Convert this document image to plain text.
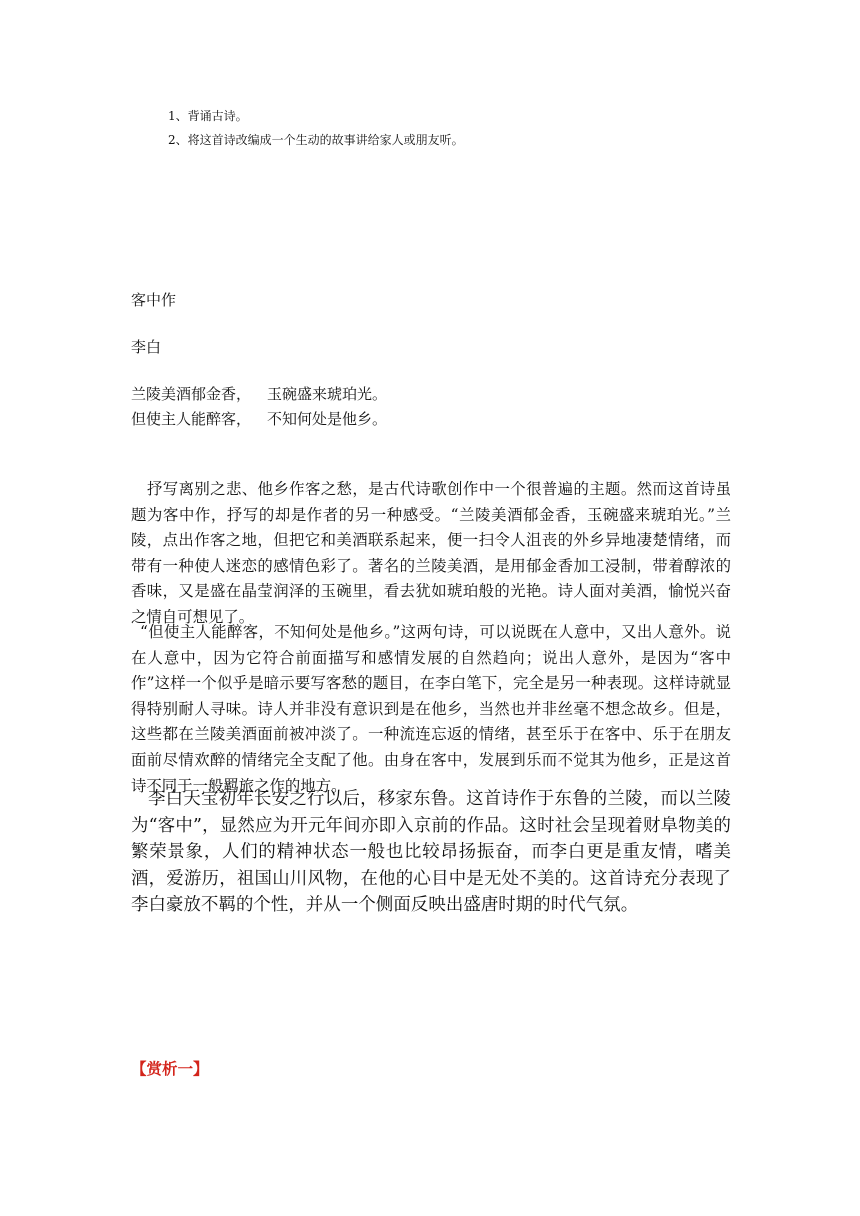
1、背诵古诗。
2、将这首诗改编成一个生动的故事讲给家人或朋友听。
客中作
李白
兰陵美酒郁金香， 玉碗盛来琥珀光。
但使主人能醉客， 不知何处是他乡。
抒写离别之悲、他乡作客之愁，是古代诗歌创作中一个很普遍的主题。然而这首诗虽题为客中作，抒写的却是作者的另一种感受。“兰陵美酒郁金香，玉碗盛来琥珀光。”兰陵，点出作客之地，但把它和美酒联系起来，便一扫令人沮丧的外乡异地凄楚情绪，而带有一种使人迷恋的感情色彩了。著名的兰陵美酒，是用郁金香加工浸制，带着醇浓的香味，又是盛在晶莹润泽的玉碗里，看去犹如琥珀般的光艳。诗人面对美酒，愉悦兴奋之情自可想见了。
“但使主人能醉客，不知何处是他乡。”这两句诗，可以说既在人意中，又出人意外。说在人意中，因为它符合前面描写和感情发展的自然趋向；说出人意外，是因为“客中作”这样一个似乎是暗示要写客愁的题目，在李白笔下，完全是另一种表现。这样诗就显得特别耐人寻味。诗人并非没有意识到是在他乡，当然也并非丝毫不想念故乡。但是，这些都在兰陵美酒面前被冲淡了。一种流连忘返的情绪，甚至乐于在客中、乐于在朋友面前尽情欢醉的情绪完全支配了他。由身在客中，发展到乐而不觉其为他乡，正是这首诗不同于一般羁旅之作的地方。
李白天宝初年长安之行以后，移家东鲁。这首诗作于东鲁的兰陵，而以兰陵为“客中”，显然应为开元年间亦即入京前的作品。这时社会呈现着财阜物美的繁荣景象，人们的精神状态一般也比较昂扬振奋，而李白更是重友情，嗜美酒，爱游历，祖国山川风物，在他的心目中是无处不美的。这首诗充分表现了李白豪放不羁的个性，并从一个侧面反映出盛唐时期的时代气氛。
【赏析一】
